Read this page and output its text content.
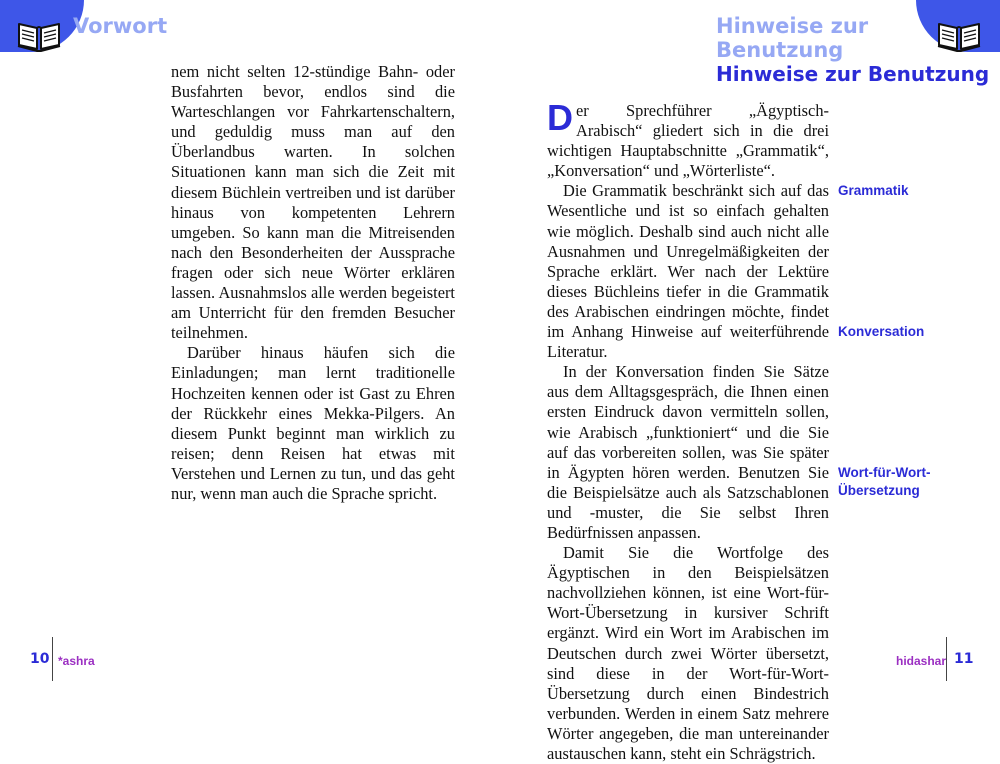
Vorwort	Hinweise zur Benutzung

nem nicht selten 12-stündige Bahn- oder Busfahrten bevor, endlos sind die Warteschlangen vor Fahrkartenschaltern, und geduldig muss man auf den Überlandbus warten. In solchen Situationen kann man sich die Zeit mit diesem Büchlein vertreiben und ist darüber hinaus von kompetenten Lehrern umgeben. So kann man die Mitreisenden nach den Besonderheiten der Aussprache fragen oder sich neue Wörter erklären lassen. Ausnahmslos alle werden begeistert am Unterricht für den fremden Besucher teilnehmen.

Darüber hinaus häufen sich die Einladungen; man lernt traditionelle Hochzeiten kennen oder ist Gast zu Ehren der Rückkehr eines Mekka-Pilgers. An diesem Punkt beginnt man wirklich zu reisen; denn Reisen hat etwas mit Verstehen und Lernen zu tun, und das geht nur, wenn man auch die Sprache spricht.

Hinweise zur Benutzung

Der Sprechführer „Ägyptisch-Arabisch“ gliedert sich in die drei wichtigen Hauptabschnitte „Grammatik“, „Konversation“ und „Wörterliste“.

Die Grammatik beschränkt sich auf das Wesentliche und ist so einfach gehalten wie möglich. Deshalb sind auch nicht alle Ausnahmen und Unregelmäßigkeiten der Sprache erklärt. Wer nach der Lektüre dieses Büchleins tiefer in die Grammatik des Arabischen eindringen möchte, findet im Anhang Hinweise auf weiterführende Literatur.

In der Konversation finden Sie Sätze aus dem Alltagsgespräch, die Ihnen einen ersten Eindruck davon vermitteln sollen, wie Arabisch „funktioniert“ und die Sie auf das vorbereiten sollen, was Sie später in Ägypten hören werden. Benutzen Sie die Beispielsätze auch als Satzschablonen und -muster, die Sie selbst Ihren Bedürfnissen anpassen.

Damit Sie die Wortfolge des Ägyptischen in den Beispielsätzen nachvollziehen können, ist eine Wort-für-Wort-Übersetzung in kursiver Schrift ergänzt. Wird ein Wort im Arabischen im Deutschen durch zwei Wörter übersetzt, sind diese in der Wort-für-Wort-Übersetzung durch einen Bindestrich verbunden. Werden in einem Satz mehrere Wörter angegeben, die man untereinander austauschen kann, steht ein Schrägstrich.

Grammatik
Konversation
Wort-für-Wort-
Übersetzung
10 *ashra	hidashar 11
